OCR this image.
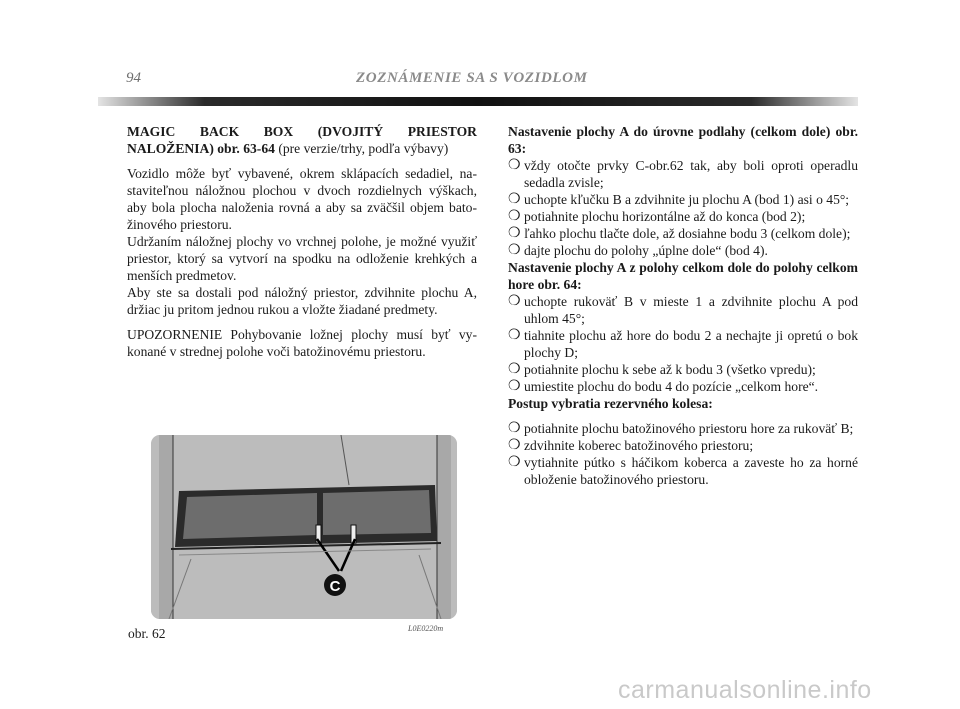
94	ZOZNÁMENIE SA S VOZIDLOM

MAGIC BACK BOX (DVOJITÝ PRIESTOR NALOŽENIA) obr. 63-64 (pre verzie/trhy, podľa výbavy)

Vozidlo môže byť vybavené, okrem sklápacích sedadiel, na-staviteľnou náložnou plochou v dvoch rozdielnych výškach, aby bola plocha naloženia rovná a aby sa zväčšil objem bato-žinového priestoru.

Udržaním náložnej plochy vo vrchnej polohe, je možné využiť priestor, ktorý sa vytvorí na spodku na odloženie krehkých a menších predmetov.

Aby ste sa dostali pod náložný priestor, zdvihnite plochu A, držiac ju pritom jednou rukou a vložte žiadané predmety.

UPOZORNENIE Pohybovanie ložnej plochy musí byť vy-konané v strednej polohe voči batožinovému priestoru.

C
obr. 62	L0E0220m

Nastavenie plochy A do úrovne podlahy (celkom dole) obr. 63:

❍ vždy otočte prvky C-obr.62 tak, aby boli oproti operadlu sedadla zvisle;
❍ uchopte kľučku B a zdvihnite ju plochu A (bod 1) asi o 45°;
❍ potiahnite plochu horizontálne až do konca (bod 2);
❍ ľahko plochu tlačte dole, až dosiahne bodu 3 (celkom dole);
❍ dajte plochu do polohy „úplne dole“ (bod 4).

Nastavenie plochy A z polohy celkom dole do polohy celkom hore obr. 64:

❍ uchopte rukoväť B v mieste 1 a zdvihnite plochu A pod uhlom 45°;
❍ tiahnite plochu až hore do bodu 2 a nechajte ji opretú o bok plochy D;
❍ potiahnite plochu k sebe až k bodu 3 (všetko vpredu);
❍ umiestite plochu do bodu 4 do pozície „celkom hore“.

Postup vybratia rezervného kolesa:

❍ potiahnite plochu batožinového priestoru hore za rukoväť B;
❍ zdvihnite koberec batožinového priestoru;
❍ vytiahnite pútko s háčikom koberca a zaveste ho za horné obloženie batožinového priestoru.
carmanualsonline.info
